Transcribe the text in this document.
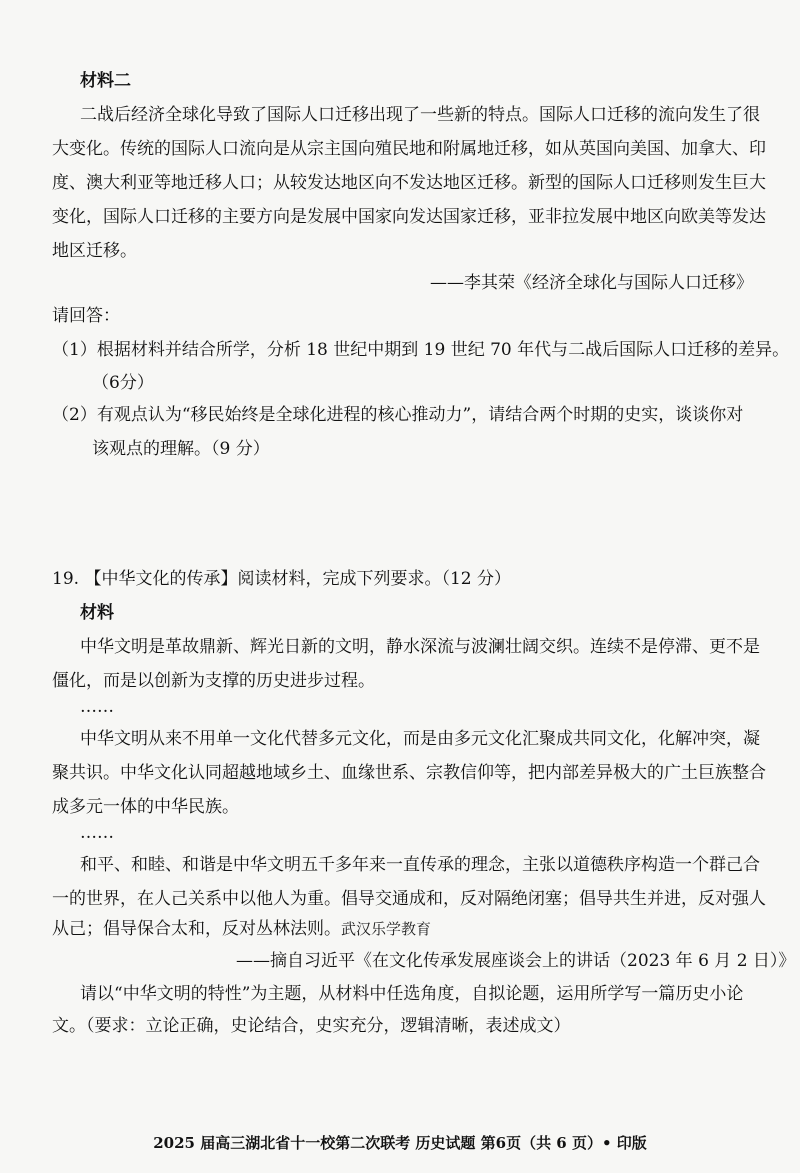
材料二
二战后经济全球化导致了国际人口迁移出现了一些新的特点。国际人口迁移的流向发生了很
大变化。传统的国际人口流向是从宗主国向殖民地和附属地迁移，如从英国向美国、加拿大、印
度、澳大利亚等地迁移人口；从较发达地区向不发达地区迁移。新型的国际人口迁移则发生巨大
变化，国际人口迁移的主要方向是发展中国家向发达国家迁移，亚非拉发展中地区向欧美等发达
地区迁移。
——李其荣《经济全球化与国际人口迁移》
请回答：
（1）根据材料并结合所学，分析 18 世纪中期到 19 世纪 70 年代与二战后国际人口迁移的差异。
（6分）
（2）有观点认为“移民始终是全球化进程的核心推动力”，请结合两个时期的史实，谈谈你对
该观点的理解。（9 分）
19. 【中华文化的传承】阅读材料，完成下列要求。（12 分）
材料
中华文明是革故鼎新、辉光日新的文明，静水深流与波澜壮阔交织。连续不是停滞、更不是
僵化，而是以创新为支撑的历史进步过程。
……
中华文明从来不用单一文化代替多元文化，而是由多元文化汇聚成共同文化，化解冲突，凝
聚共识。中华文化认同超越地域乡土、血缘世系、宗教信仰等，把内部差异极大的广土巨族整合
成多元一体的中华民族。
……
和平、和睦、和谐是中华文明五千多年来一直传承的理念，主张以道德秩序构造一个群己合
一的世界，在人己关系中以他人为重。倡导交通成和，反对隔绝闭塞；倡导共生并进，反对强人
从己；倡导保合太和，反对丛林法则。武汉乐学教育
——摘自习近平《在文化传承发展座谈会上的讲话（2023 年 6 月 2 日）》
请以“中华文明的特性”为主题，从材料中任选角度，自拟论题，运用所学写一篇历史小论
文。（要求：立论正确，史论结合，史实充分，逻辑清晰，表述成文）
2025 届高三湖北省十一校第二次联考 历史试题 第6页（共 6 页）• 印版
